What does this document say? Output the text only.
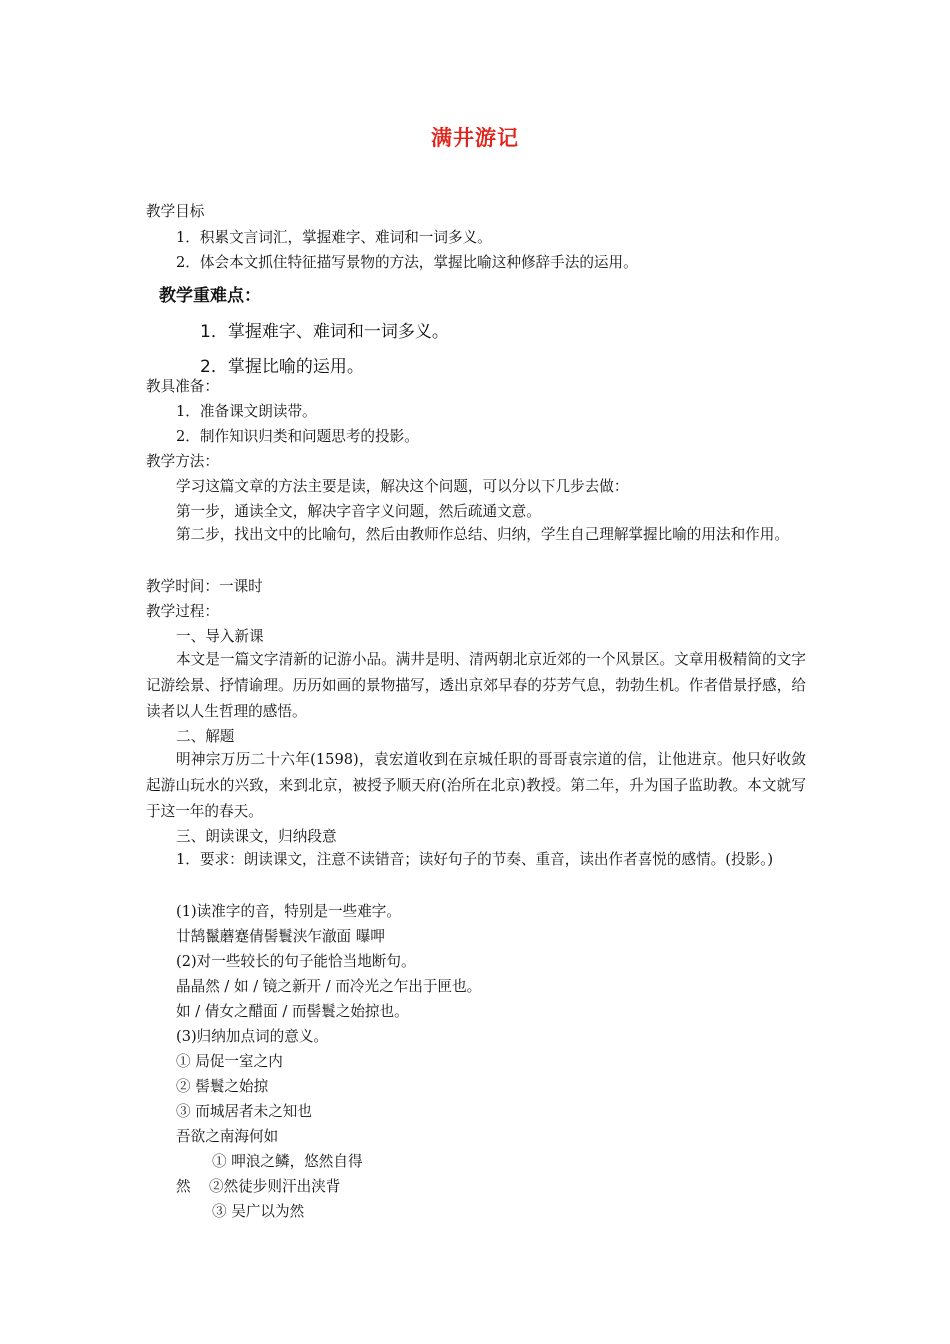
满井游记
教学目标
1．积累文言词汇，掌握难字、难词和一词多义。
2．体会本文抓住特征描写景物的方法，掌握比喻这种修辞手法的运用。
教学重难点：
1．掌握难字、难词和一词多义。
2．掌握比喻的运用。
教具准备：
1．准备课文朗读带。
2．制作知识归类和问题思考的投影。
教学方法：
学习这篇文章的方法主要是读，解决这个问题，可以分以下几步去做：
第一步，通读全文，解决字音字义问题，然后疏通文意。
第二步，找出文中的比喻句，然后由教师作总结、归纳，学生自己理解掌握比喻的用法和作用。
教学时间：一课时
教学过程：
一、导入新课
本文是一篇文字清新的记游小品。满井是明、清两朝北京近郊的一个风景区。文章用极精简的文字记游绘景、抒情谕理。历历如画的景物描写，透出京郊早春的芬芳气息，勃勃生机。作者借景抒感，给读者以人生哲理的感悟。
二、解题
明神宗万历二十六年(1598)，袁宏道收到在京城任职的哥哥袁宗道的信，让他进京。他只好收敛起游山玩水的兴致，来到北京，被授予顺天府(治所在北京)教授。第二年，升为国子监助教。本文就写于这一年的春天。
三、朗读课文，归纳段意
1．要求：朗读课文，注意不读错音；读好句子的节奏、重音，读出作者喜悦的感情。(投影。)
(1)读准字的音，特别是一些难字。
廿鹄鬣蘑蹇倩髻鬟浃乍澈面 曝呷
(2)对一些较长的句子能恰当地断句。
晶晶然 / 如 / 镜之新开 / 而冷光之乍出于匣也。
如 / 倩女之醋面 / 而髻鬟之始掠也。
(3)归纳加点词的意义。
① 局促一室之内
② 髻鬟之始掠
③ 而城居者未之知也
吾欲之南海何如
① 呷浪之鳞，悠然自得
然 ②然徒步则汗出浃背
③ 吴广以为然
